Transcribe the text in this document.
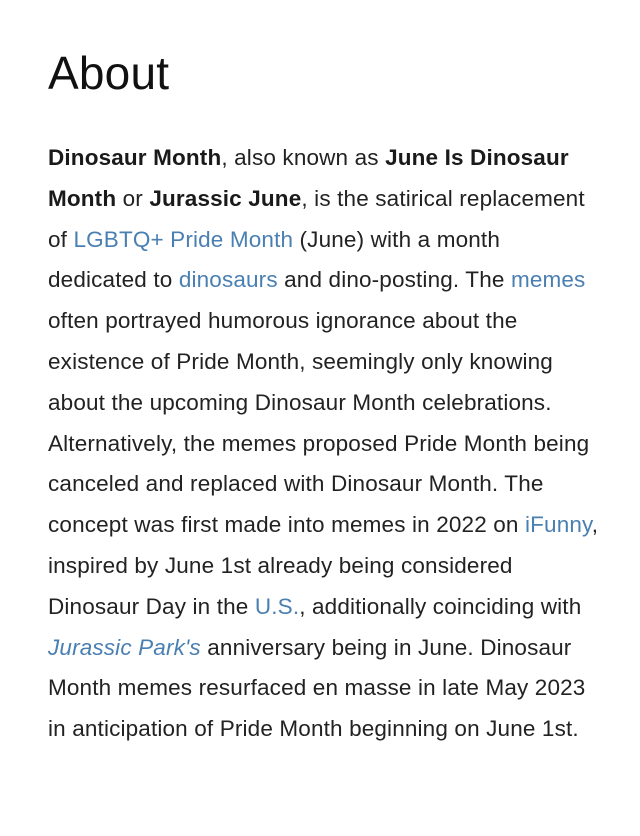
About

Dinosaur Month, also known as June Is Dinosaur Month or Jurassic June, is the satirical replacement of LGBTQ+ Pride Month (June) with a month dedicated to dinosaurs and dino-posting. The memes often portrayed humorous ignorance about the existence of Pride Month, seemingly only knowing about the upcoming Dinosaur Month celebrations. Alternatively, the memes proposed Pride Month being canceled and replaced with Dinosaur Month. The concept was first made into memes in 2022 on iFunny, inspired by June 1st already being considered Dinosaur Day in the U.S., additionally coinciding with Jurassic Park's anniversary being in June. Dinosaur Month memes resurfaced en masse in late May 2023 in anticipation of Pride Month beginning on June 1st.
